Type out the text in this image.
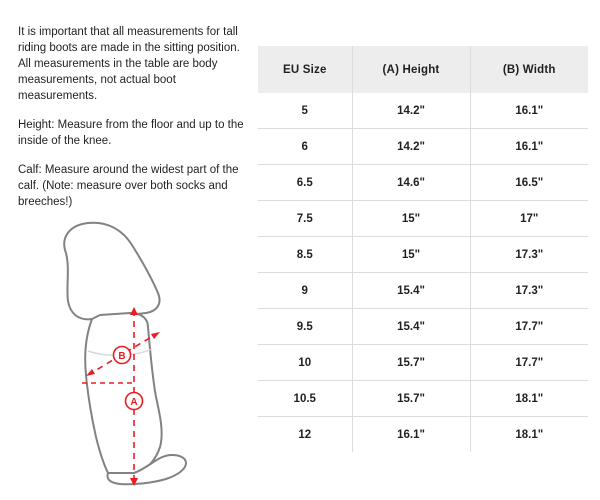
It is important that all measurements for tall riding boots are made in the sitting position. All measurements in the table are body measurements, not actual boot measurements.

Height: Measure from the floor and up to the inside of the knee.

Calf: Measure around the widest part of the calf. (Note: measure over both socks and breeches!)

B
A
EU Size	(A) Height	(B) Width
5	14.2"	16.1"
6	14.2"	16.1"
6.5	14.6"	16.5"
7.5	15"	17"
8.5	15"	17.3"
9	15.4"	17.3"
9.5	15.4"	17.7"
10	15.7"	17.7"
10.5	15.7"	18.1"
12	16.1"	18.1"
